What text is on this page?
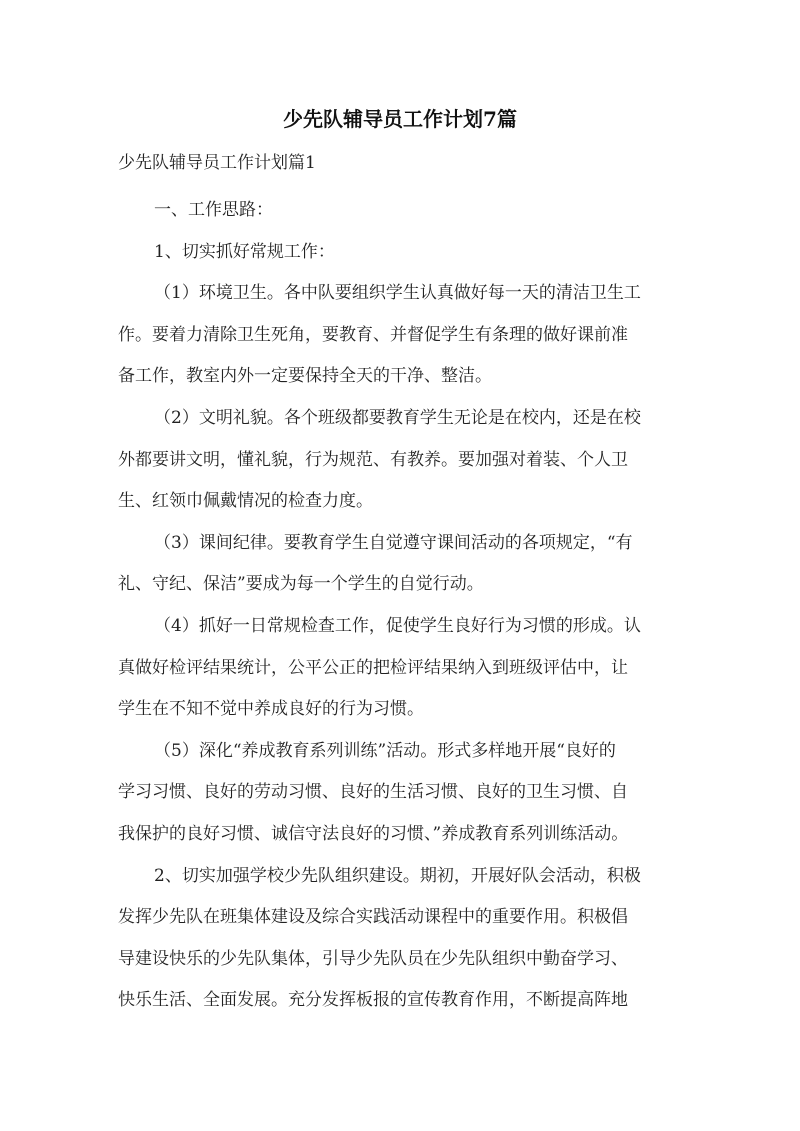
少先队辅导员工作计划7篇
少先队辅导员工作计划篇1
一、工作思路：
1、切实抓好常规工作：
（1）环境卫生。各中队要组织学生认真做好每一天的清洁卫生工
作。要着力清除卫生死角，要教育、并督促学生有条理的做好课前准
备工作，教室内外一定要保持全天的干净、整洁。
（2）文明礼貌。各个班级都要教育学生无论是在校内，还是在校
外都要讲文明，懂礼貌，行为规范、有教养。要加强对着装、个人卫
生、红领巾佩戴情况的检查力度。
（3）课间纪律。要教育学生自觉遵守课间活动的各项规定，“有
礼、守纪、保洁”要成为每一个学生的自觉行动。
（4）抓好一日常规检查工作，促使学生良好行为习惯的形成。认
真做好检评结果统计，公平公正的把检评结果纳入到班级评估中，让
学生在不知不觉中养成良好的行为习惯。
（5）深化“养成教育系列训练”活动。形式多样地开展“良好的
学习习惯、良好的劳动习惯、良好的生活习惯、良好的卫生习惯、自
我保护的良好习惯、诚信守法良好的习惯、”养成教育系列训练活动。
2、切实加强学校少先队组织建设。期初，开展好队会活动，积极
发挥少先队在班集体建设及综合实践活动课程中的重要作用。积极倡
导建设快乐的少先队集体，引导少先队员在少先队组织中勤奋学习、
快乐生活、全面发展。充分发挥板报的宣传教育作用，不断提高阵地
